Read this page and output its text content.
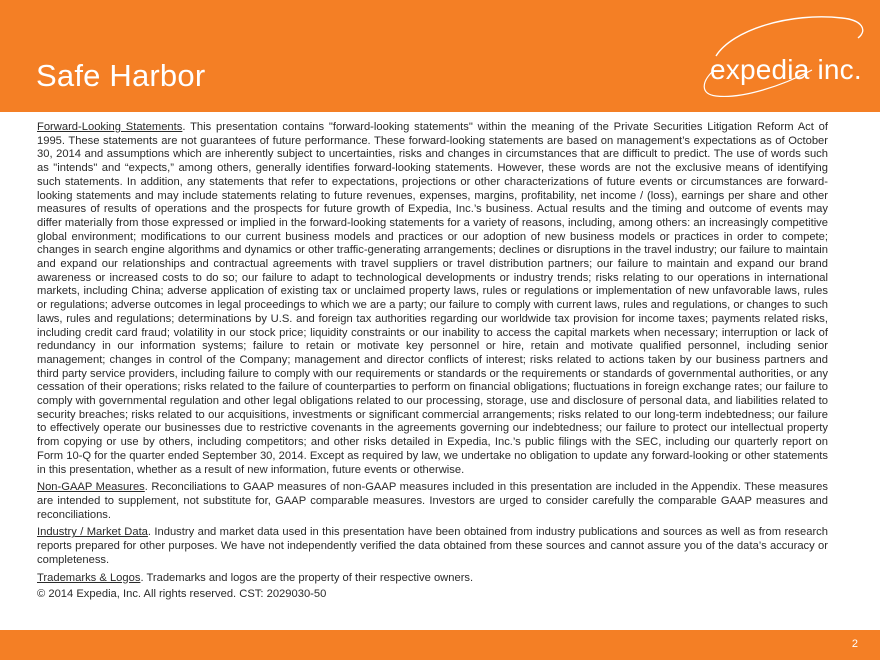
Safe Harbor	expedia inc.

Forward-Looking Statements. This presentation contains "forward-looking statements" within the meaning of the Private Securities Litigation Reform Act of 1995. These statements are not guarantees of future performance. These forward-looking statements are based on management’s expectations as of October 30, 2014 and assumptions which are inherently subject to uncertainties, risks and changes in circumstances that are difficult to predict. The use of words such as "intends" and “expects,” among others, generally identifies forward-looking statements. However, these words are not the exclusive means of identifying such statements. In addition, any statements that refer to expectations, projections or other characterizations of future events or circumstances are forward-looking statements and may include statements relating to future revenues, expenses, margins, profitability, net income / (loss), earnings per share and other measures of results of operations and the prospects for future growth of Expedia, Inc.’s business. Actual results and the timing and outcome of events may differ materially from those expressed or implied in the forward-looking statements for a variety of reasons, including, among others: an increasingly competitive global environment; modifications to our current business models and practices or our adoption of new business models or practices in order to compete; changes in search engine algorithms and dynamics or other traffic-generating arrangements; declines or disruptions in the travel industry; our failure to maintain and expand our relationships and contractual agreements with travel suppliers or travel distribution partners; our failure to maintain and expand our brand awareness or increased costs to do so; our failure to adapt to technological developments or industry trends; risks relating to our operations in international markets, including China; adverse application of existing tax or unclaimed property laws, rules or regulations or implementation of new unfavorable laws, rules or regulations; adverse outcomes in legal proceedings to which we are a party; our failure to comply with current laws, rules and regulations, or changes to such laws, rules and regulations; determinations by U.S. and foreign tax authorities regarding our worldwide tax provision for income taxes; payments related risks, including credit card fraud; volatility in our stock price; liquidity constraints or our inability to access the capital markets when necessary; interruption or lack of redundancy in our information systems; failure to retain or motivate key personnel or hire, retain and motivate qualified personnel, including senior management; changes in control of the Company; management and director conflicts of interest; risks related to actions taken by our business partners and third party service providers, including failure to comply with our requirements or standards or the requirements or standards of governmental authorities, or any cessation of their operations; risks related to the failure of counterparties to perform on financial obligations; fluctuations in foreign exchange rates; our failure to comply with governmental regulation and other legal obligations related to our processing, storage, use and disclosure of personal data, and liabilities related to security breaches; risks related to our acquisitions, investments or significant commercial arrangements; risks related to our long-term indebtedness; our failure to effectively operate our businesses due to restrictive covenants in the agreements governing our indebtedness; our failure to protect our intellectual property from copying or use by others, including competitors; and other risks detailed in Expedia, Inc.’s public filings with the SEC, including our quarterly report on Form 10-Q for the quarter ended September 30, 2014. Except as required by law, we undertake no obligation to update any forward-looking or other statements in this presentation, whether as a result of new information, future events or otherwise.

Non-GAAP Measures. Reconciliations to GAAP measures of non-GAAP measures included in this presentation are included in the Appendix. These measures are intended to supplement, not substitute for, GAAP comparable measures. Investors are urged to consider carefully the comparable GAAP measures and reconciliations.

Industry / Market Data. Industry and market data used in this presentation have been obtained from industry publications and sources as well as from research reports prepared for other purposes. We have not independently verified the data obtained from these sources and cannot assure you of the data’s accuracy or completeness.

Trademarks & Logos. Trademarks and logos are the property of their respective owners.

© 2014 Expedia, Inc. All rights reserved. CST: 2029030-50
2
